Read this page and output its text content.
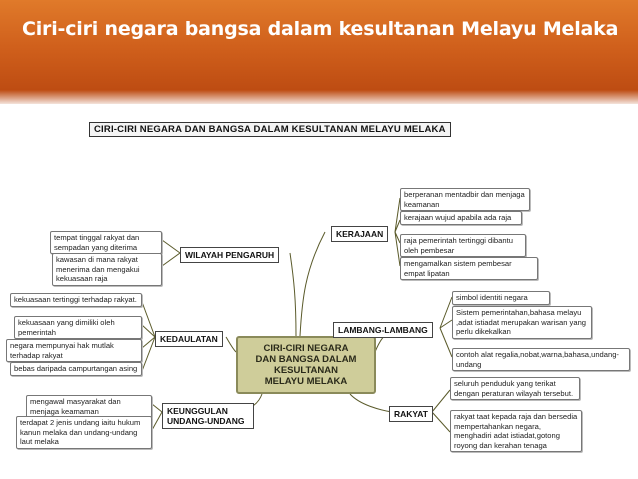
Ciri-ciri negara bangsa dalam kesultanan Melayu Melaka
CIRI-CIRI NEGARA DAN BANGSA DALAM KESULTANAN MELAYU MELAKA
CIRI-CIRI NEGARA
DAN BANGSA DALAM
KESULTANAN
MELAYU MELAKA
KERAJAAN
berperanan mentadbir dan menjaga keamanan
kerajaan wujud apabila ada raja
raja pemerintah tertinggi dibantu oleh pembesar
mengamalkan sistem pembesar empat lipatan
WILAYAH PENGARUH
tempat tinggal rakyat dan sempadan yang diterima
kawasan di mana rakyat menerima dan mengakui kekuasaan raja
LAMBANG-LAMBANG
simbol identiti negara
Sistem pemerintahan,bahasa melayu ,adat istiadat merupakan warisan yang perlu dikekalkan
contoh alat regalia,nobat,warna,bahasa,undang-undang
KEDAULATAN
kekuasaan tertinggi terhadap rakyat.
kekuasaan yang dimiliki oleh pemerintah
negara mempunyai hak mutlak terhadap rakyat
bebas daripada campurtangan asing
RAKYAT
seluruh penduduk yang terikat dengan peraturan wilayah tersebut.
rakyat taat kepada raja dan bersedia mempertahankan negara, menghadiri adat istiadat,gotong royong dan kerahan tenaga
KEUNGGULAN UNDANG-UNDANG
mengawal masyarakat dan menjaga keamaman
terdapat 2 jenis undang iaitu hukum kanun melaka dan undang-undang laut melaka
